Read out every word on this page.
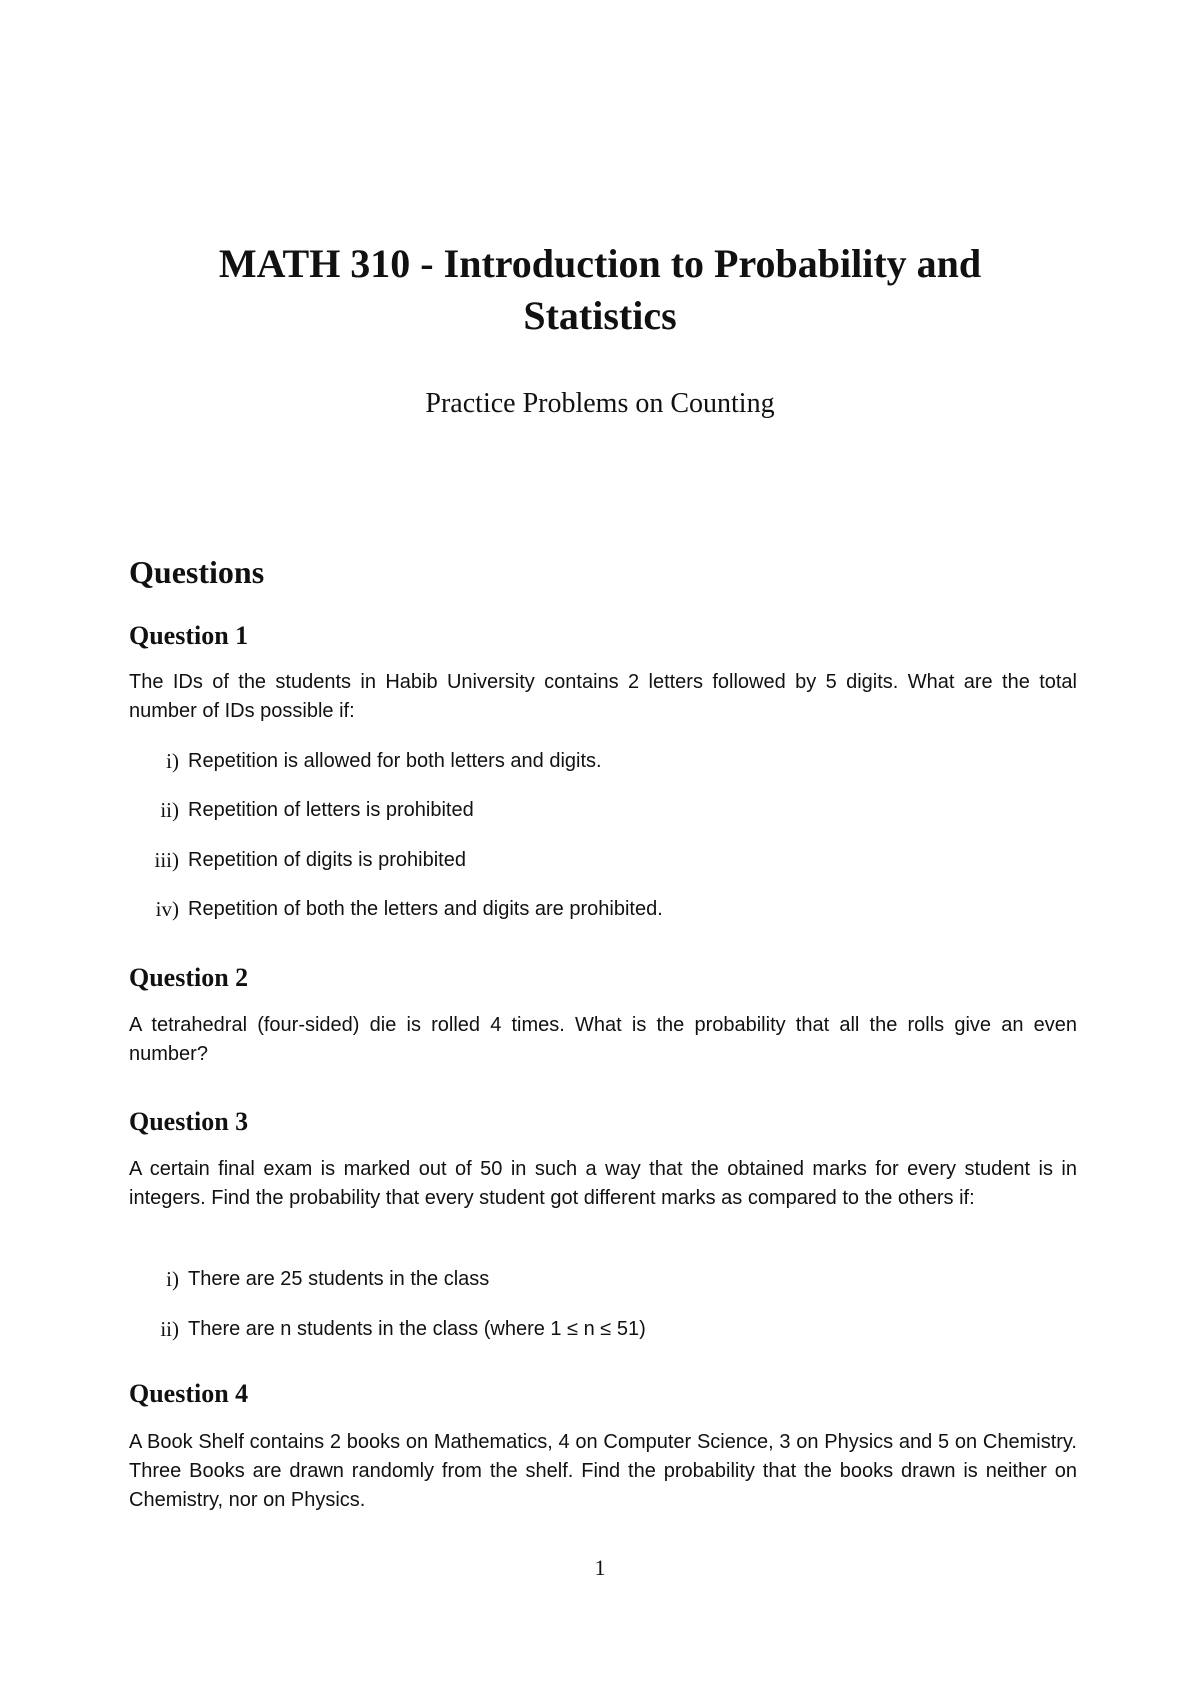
MATH 310 - Introduction to Probability and
Statistics

Practice Problems on Counting

Questions
Question 1

The IDs of the students in Habib University contains 2 letters followed by 5 digits. What are the total number of IDs possible if:

i) Repetition is allowed for both letters and digits.
ii) Repetition of letters is prohibited
iii) Repetition of digits is prohibited
iv) Repetition of both the letters and digits are prohibited.
Question 2

A tetrahedral (four-sided) die is rolled 4 times. What is the probability that all the rolls give an even number?

Question 3

A certain final exam is marked out of 50 in such a way that the obtained marks for every student is in integers. Find the probability that every student got different marks as compared to the others if:

i) There are 25 students in the class
ii) There are n students in the class (where 1 ≤ n ≤ 51)
Question 4

A Book Shelf contains 2 books on Mathematics, 4 on Computer Science, 3 on Physics and 5 on Chemistry. Three Books are drawn randomly from the shelf. Find the probability that the books drawn is neither on Chemistry, nor on Physics.

1
